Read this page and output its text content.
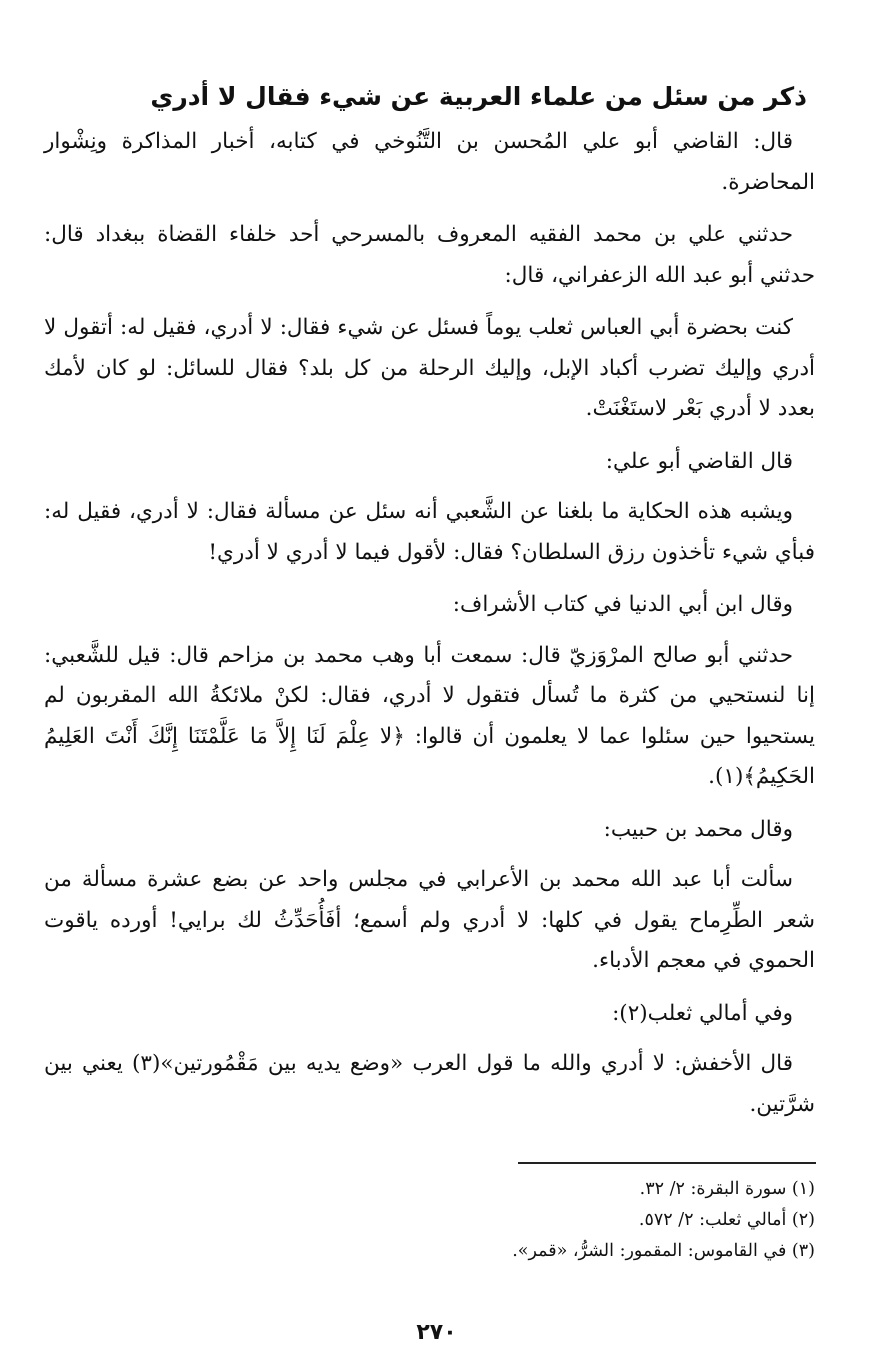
ذكر من سئل من علماء العربية عن شيء فقال لا أدري

قال: القاضي أبو علي المُحسن بن التَّنُوخي في كتابه، أخبار المذاكرة ونِشْوار المحاضرة.

حدثني علي بن محمد الفقيه المعروف بالمسرحي أحد خلفاء القضاة ببغداد قال: حدثني أبو عبد الله الزعفراني، قال:

كنت بحضرة أبي العباس ثعلب يوماً فسئل عن شيء فقال: لا أدري، فقيل له: أتقول لا أدري وإليك تضرب أكباد الإبل، وإليك الرحلة من كل بلد؟ فقال للسائل: لو كان لأمك بعدد لا أدري بَعْر لاستَغْنَتْ.

قال القاضي أبو علي:

ويشبه هذه الحكاية ما بلغنا عن الشَّعبي أنه سئل عن مسألة فقال: لا أدري، فقيل له: فبأي شيء تأخذون رزق السلطان؟ فقال: لأقول فيما لا أدري لا أدري!

وقال ابن أبي الدنيا في كتاب الأشراف:

حدثني أبو صالح المرْوَزيّ قال: سمعت أبا وهب محمد بن مزاحم قال: قيل للشَّعبي: إنا لنستحيي من كثرة ما تُسأل فتقول لا أدري، فقال: لكنْ ملائكةُ الله المقربون لم يستحيوا حين سئلوا عما لا يعلمون أن قالوا: ﴿لا عِلْمَ لَنَا إِلاَّ مَا عَلَّمْتَنَا إِنَّكَ أَنْتَ العَلِيمُ الحَكِيمُ﴾(١).

وقال محمد بن حبيب:

سألت أبا عبد الله محمد بن الأعرابي في مجلس واحد عن بضع عشرة مسألة من شعر الطِّرِماح يقول في كلها: لا أدري ولم أسمع؛ أفَأُحَدِّثُ لك برايي! أورده ياقوت الحموي في معجم الأدباء.

وفي أمالي ثعلب(٢):

قال الأخفش: لا أدري والله ما قول العرب «وضع يديه بين مَقْمُورتين»(٣) يعني بين شرَّتين.

(١) سورة البقرة: ٢/ ٣٢.

(٢) أمالي ثعلب: ٢/ ٥٧٢.

(٣) في القاموس: المقمور: الشرُّ، «قمر».

٢٧٠
